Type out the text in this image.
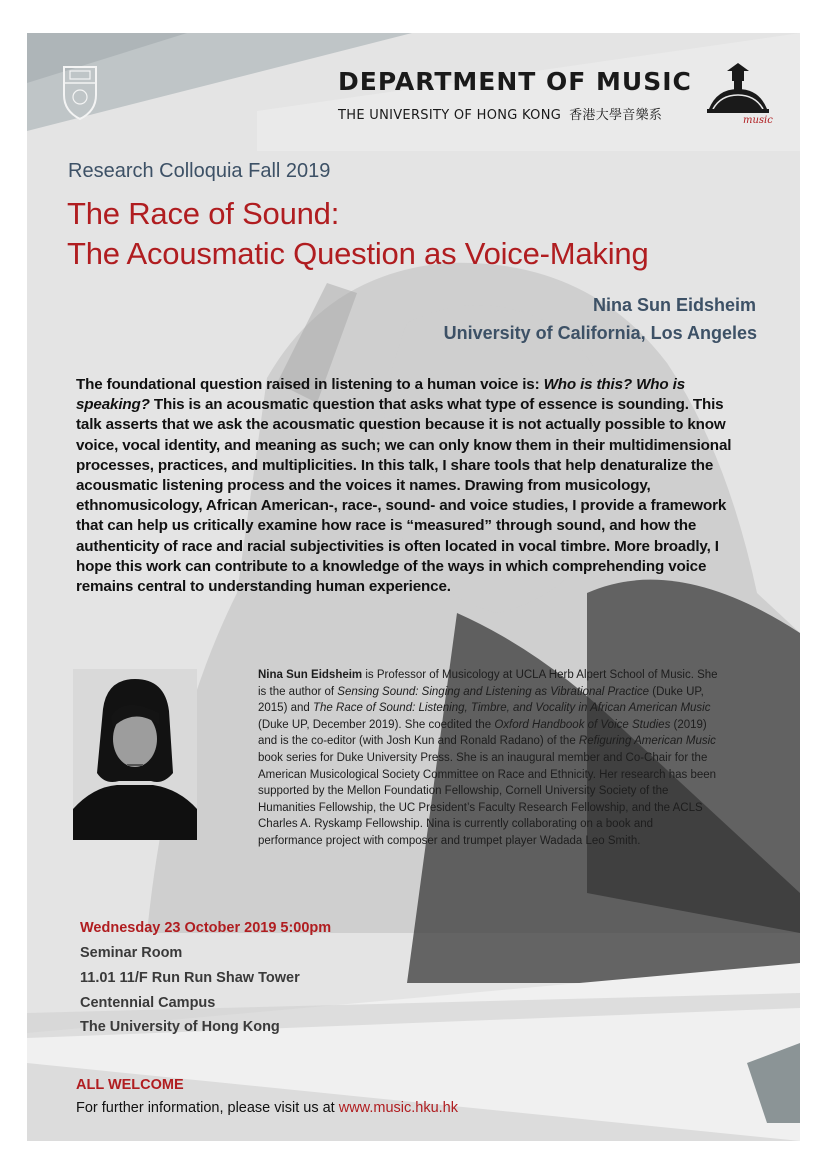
DEPARTMENT OF MUSIC
THE UNIVERSITY OF HONG KONG 香港大學音樂系	music
Research Colloquia Fall 2019
The Race of Sound:
The Acousmatic Question as Voice-Making
Nina Sun Eidsheim
University of California, Los Angeles
The foundational question raised in listening to a human voice is: Who is this? Who is speaking? This is an acousmatic question that asks what type of essence is sounding. This talk asserts that we ask the acousmatic question because it is not actually possible to know voice, vocal identity, and meaning as such; we can only know them in their multidimensional processes, practices, and multiplicities. In this talk, I share tools that help denaturalize the acousmatic listening process and the voices it names. Drawing from musicology, ethnomusicology, African American-, race-, sound- and voice studies, I provide a framework that can help us critically examine how race is “measured” through sound, and how the authenticity of race and racial subjectivities is often located in vocal timbre. More broadly, I hope this work can contribute to a knowledge of the ways in which comprehending voice remains central to understanding human experience.
Nina Sun Eidsheim is Professor of Musicology at UCLA Herb Alpert School of Music. She is the author of Sensing Sound: Singing and Listening as Vibrational Practice (Duke UP, 2015) and The Race of Sound: Listening, Timbre, and Vocality in African American Music (Duke UP, December 2019). She coedited the Oxford Handbook of Voice Studies (2019) and is the co-editor (with Josh Kun and Ronald Radano) of the Refiguring American Music book series for Duke University Press. She is an inaugural member and Co-Chair for the American Musicological Society Committee on Race and Ethnicity. Her research has been supported by the Mellon Foundation Fellowship, Cornell University Society of the Humanities Fellowship, the UC President’s Faculty Research Fellowship, and the ACLS Charles A. Ryskamp Fellowship. Nina is currently collaborating on a book and performance project with composer and trumpet player Wadada Leo Smith.
Wednesday 23 October 2019 5:00pm
Seminar Room
11.01 11/F Run Run Shaw Tower
Centennial Campus
The University of Hong Kong
ALL WELCOME
For further information, please visit us at www.music.hku.hk
